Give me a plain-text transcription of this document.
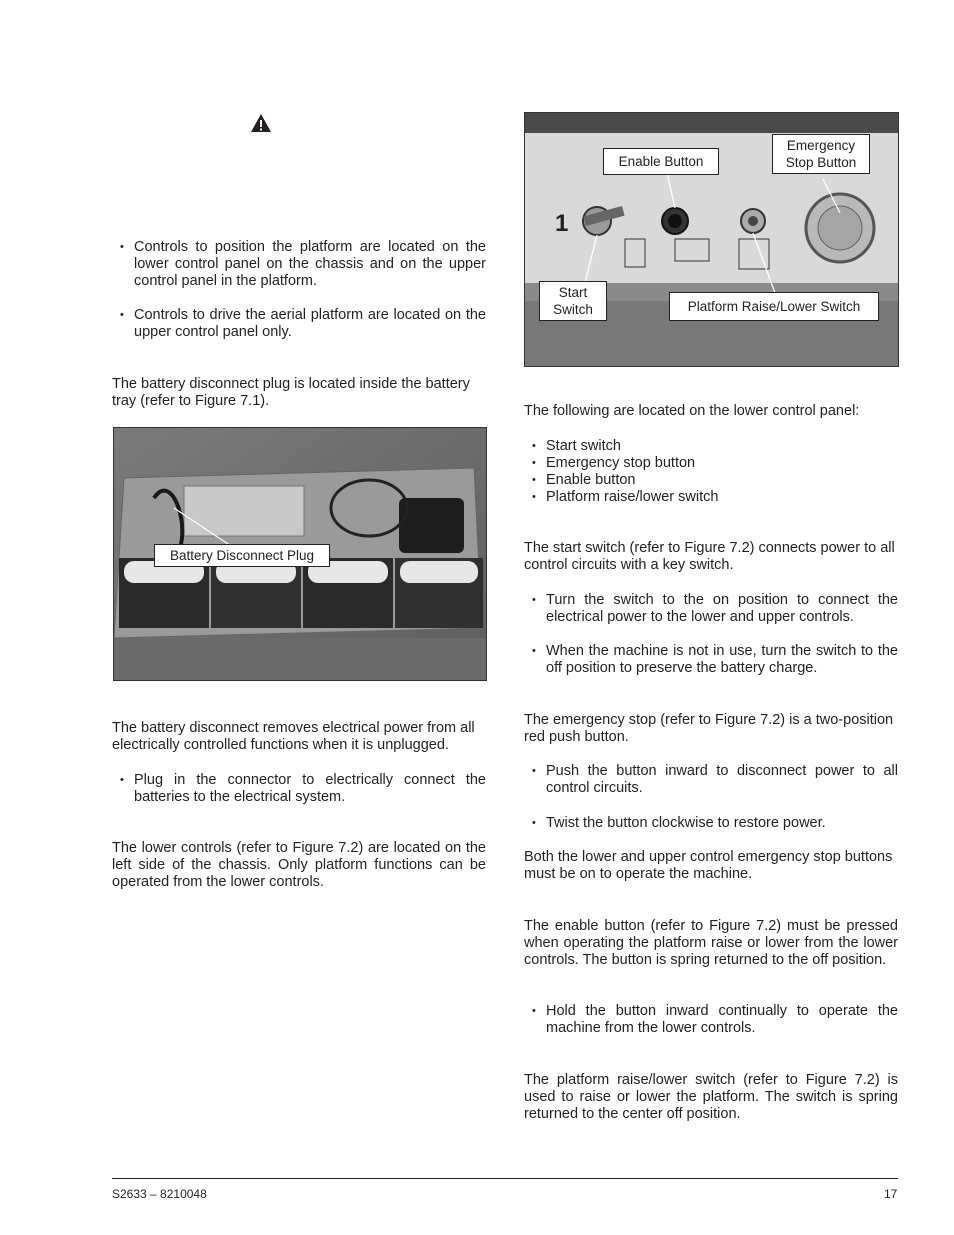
• Controls to position the platform are located on the lower control panel on the chassis and on the upper control panel in the platform.
• Controls to drive the aerial platform are located on the upper control panel only.

The battery disconnect plug is located inside the battery tray (refer to Figure 7.1).

Battery Disconnect Plug

The battery disconnect removes electrical power from all electrically controlled functions when it is unplugged.

• Plug in the connector to electrically connect the batteries to the electrical system.

The lower controls (refer to Figure 7.2) are located on the left side of the chassis. Only platform functions can be operated from the lower controls.

1
Enable Button
Emergency
Stop Button
Start
Switch	Platform Raise/Lower Switch

The following are located on the lower control panel:

• Start switch
• Emergency stop button
• Enable button
• Platform raise/lower switch

The start switch (refer to Figure 7.2) connects power to all control circuits with a key switch.

• Turn the switch to the on position to connect the electrical power to the lower and upper controls.
• When the machine is not in use, turn the switch to the off position to preserve the battery charge.

The emergency stop (refer to Figure 7.2) is a two-position red push button.

• Push the button inward to disconnect power to all control circuits.
• Twist the button clockwise to restore power.

Both the lower and upper control emergency stop buttons must be on to operate the machine.

The enable button (refer to Figure 7.2) must be pressed when operating the platform raise or lower from the lower controls. The button is spring returned to the off position.

• Hold the button inward continually to operate the machine from the lower controls.

The platform raise/lower switch (refer to Figure 7.2) is used to raise or lower the platform. The switch is spring returned to the center off position.

S2633 – 8210048	17
